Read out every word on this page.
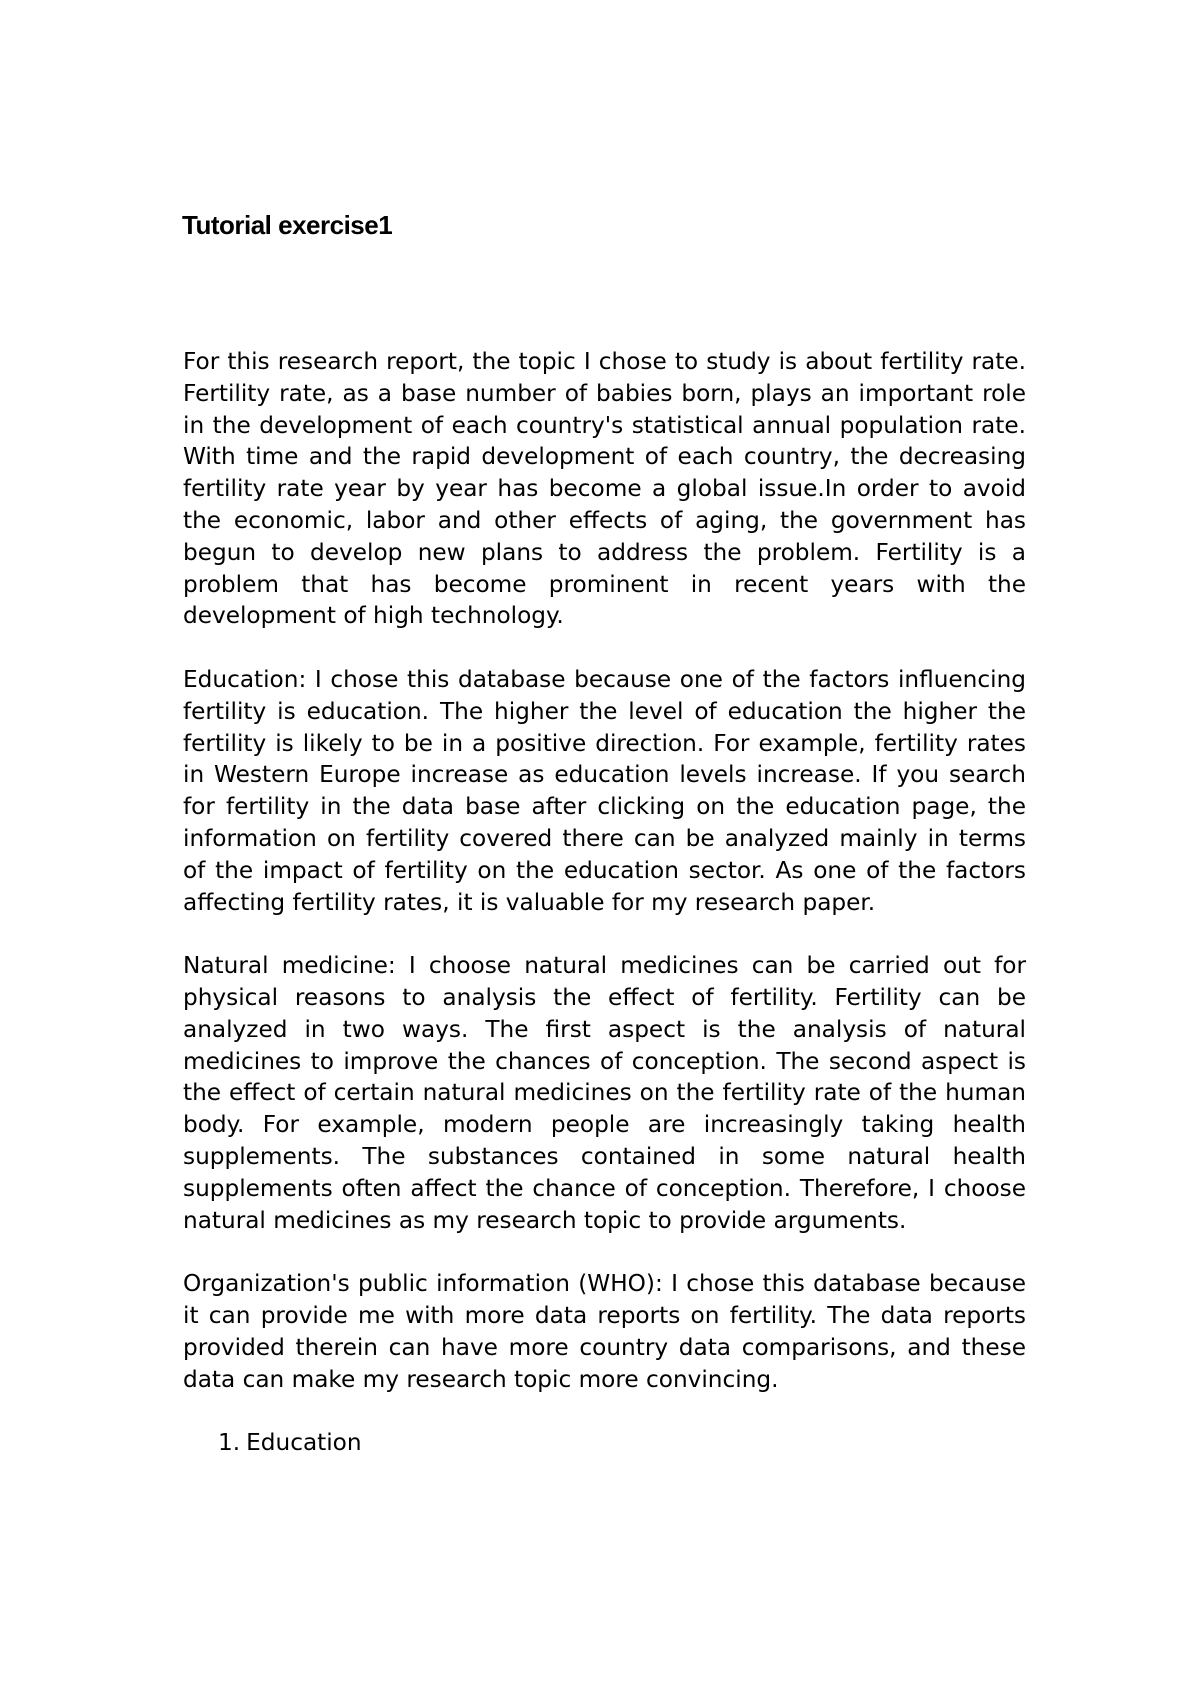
Tutorial exercise1

For this research report, the topic I chose to study is about fertility rate. Fertility rate, as a base number of babies born, plays an important role in the development of each country's statistical annual population rate. With time and the rapid development of each country, the decreasing fertility rate year by year has become a global issue.In order to avoid the economic, labor and other effects of aging, the government has begun to develop new plans to address the problem. Fertility is a problem that has become prominent in recent years with the development of high technology.

Education: I chose this database because one of the factors influencing fertility is education. The higher the level of education the higher the fertility is likely to be in a positive direction. For example, fertility rates in Western Europe increase as education levels increase. If you search for fertility in the data base after clicking on the education page, the information on fertility covered there can be analyzed mainly in terms of the impact of fertility on the education sector. As one of the factors affecting fertility rates, it is valuable for my research paper.

Natural medicine: I choose natural medicines can be carried out for physical reasons to analysis the effect of fertility. Fertility can be analyzed in two ways. The first aspect is the analysis of natural medicines to improve the chances of conception. The second aspect is the effect of certain natural medicines on the fertility rate of the human body. For example, modern people are increasingly taking health supplements. The substances contained in some natural health supplements often affect the chance of conception. Therefore, I choose natural medicines as my research topic to provide arguments.

Organization's public information (WHO): I chose this database because it can provide me with more data reports on fertility. The data reports provided therein can have more country data comparisons, and these data can make my research topic more convincing.

1. Education
